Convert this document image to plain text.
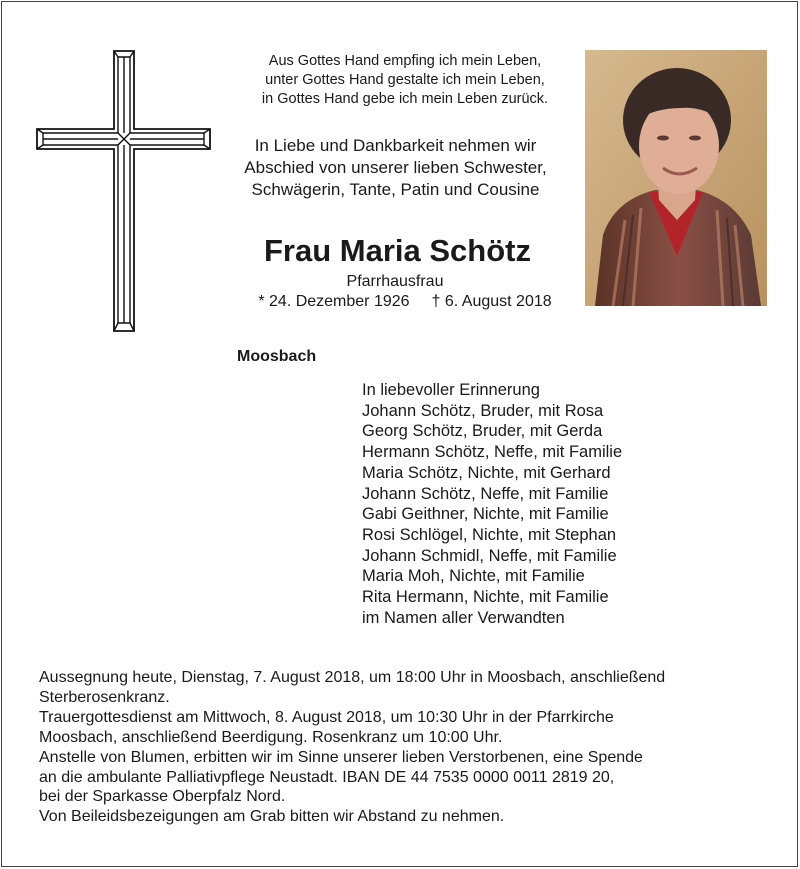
Aus Gottes Hand empfing ich mein Leben,
unter Gottes Hand gestalte ich mein Leben,
in Gottes Hand gebe ich mein Leben zurück.
In Liebe und Dankbarkeit nehmen wir
Abschied von unserer lieben Schwester,
Schwägerin, Tante, Patin und Cousine
Frau Maria Schötz
Pfarrhausfrau
* 24. Dezember 1926 † 6. August 2018
Moosbach
In liebevoller Erinnerung
Johann Schötz, Bruder, mit Rosa
Georg Schötz, Bruder, mit Gerda
Hermann Schötz, Neffe, mit Familie
Maria Schötz, Nichte, mit Gerhard
Johann Schötz, Neffe, mit Familie
Gabi Geithner, Nichte, mit Familie
Rosi Schlögel, Nichte, mit Stephan
Johann Schmidl, Neffe, mit Familie
Maria Moh, Nichte, mit Familie
Rita Hermann, Nichte, mit Familie
im Namen aller Verwandten
Aussegnung heute, Dienstag, 7. August 2018, um 18:00 Uhr in Moosbach, anschließend
Sterberosenkranz.
Trauergottesdienst am Mittwoch, 8. August 2018, um 10:30 Uhr in der Pfarrkirche
Moosbach, anschließend Beerdigung. Rosenkranz um 10:00 Uhr.
Anstelle von Blumen, erbitten wir im Sinne unserer lieben Verstorbenen, eine Spende
an die ambulante Palliativpflege Neustadt. IBAN DE 44 7535 0000 0011 2819 20,
bei der Sparkasse Oberpfalz Nord.
Von Beileidsbezeigungen am Grab bitten wir Abstand zu nehmen.
